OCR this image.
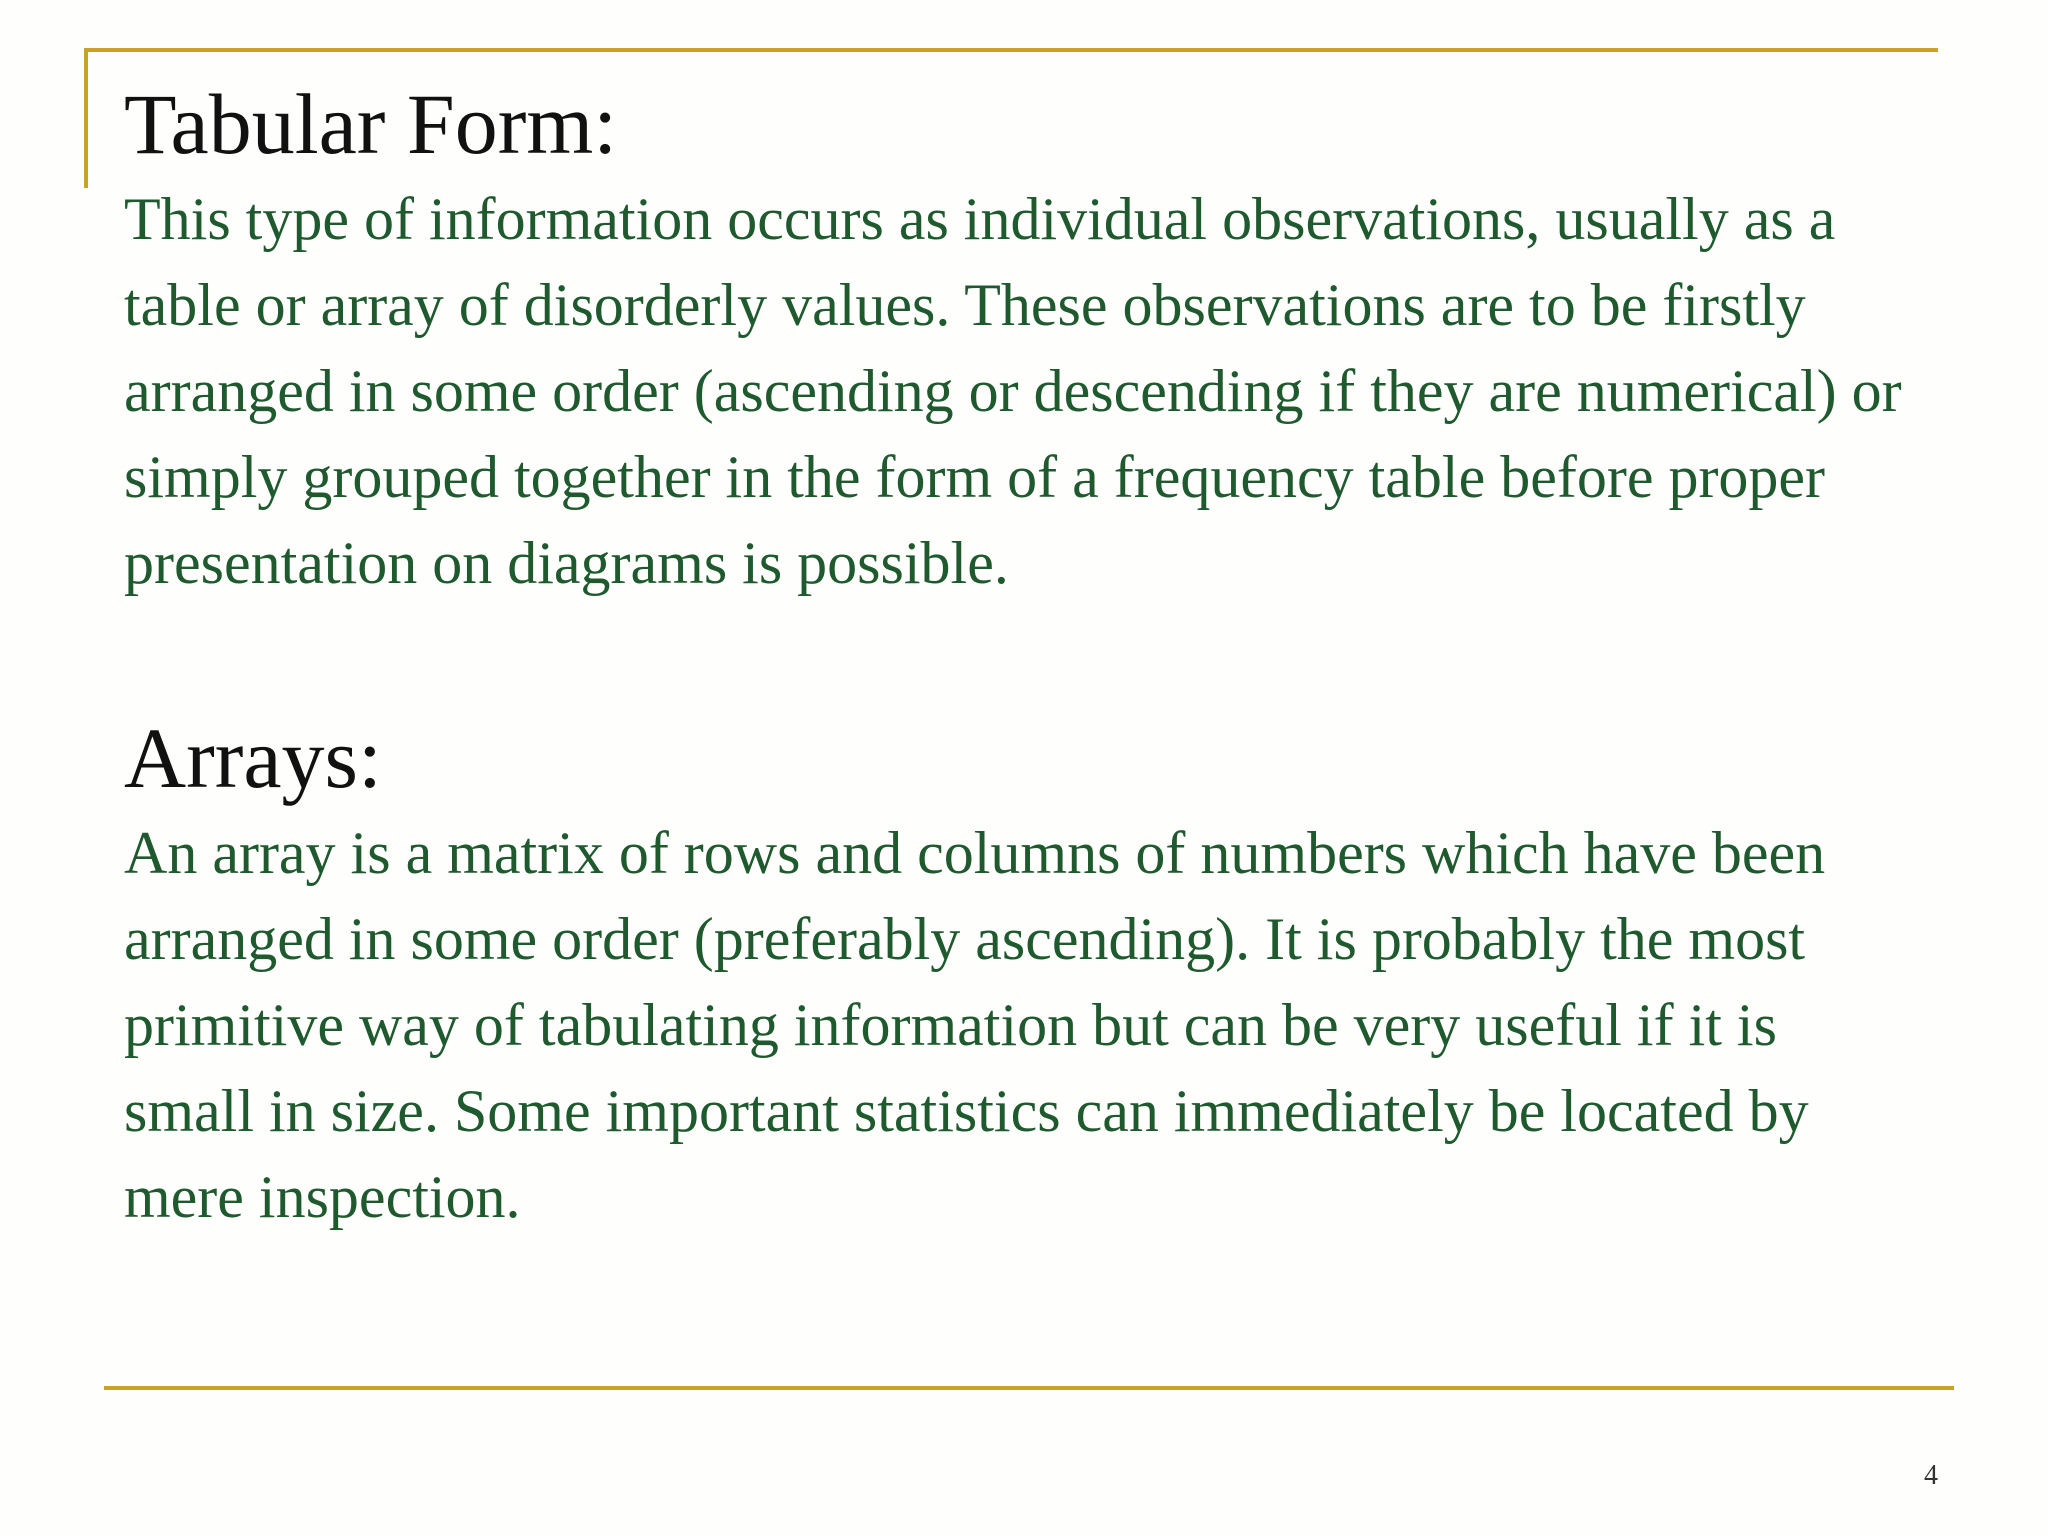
Tabular Form:

This type of information occurs as individual observations, usually as a table or array of disorderly values. These observations are to be firstly arranged in some order (ascending or descending if they are numerical) or simply grouped together in the form of a frequency table before proper presentation on diagrams is possible.

Arrays:

An array is a matrix of rows and columns of numbers which have been arranged in some order (preferably ascending). It is probably the most primitive way of tabulating information but can be very useful if it is small in size. Some important statistics can immediately be located by mere inspection.

4
